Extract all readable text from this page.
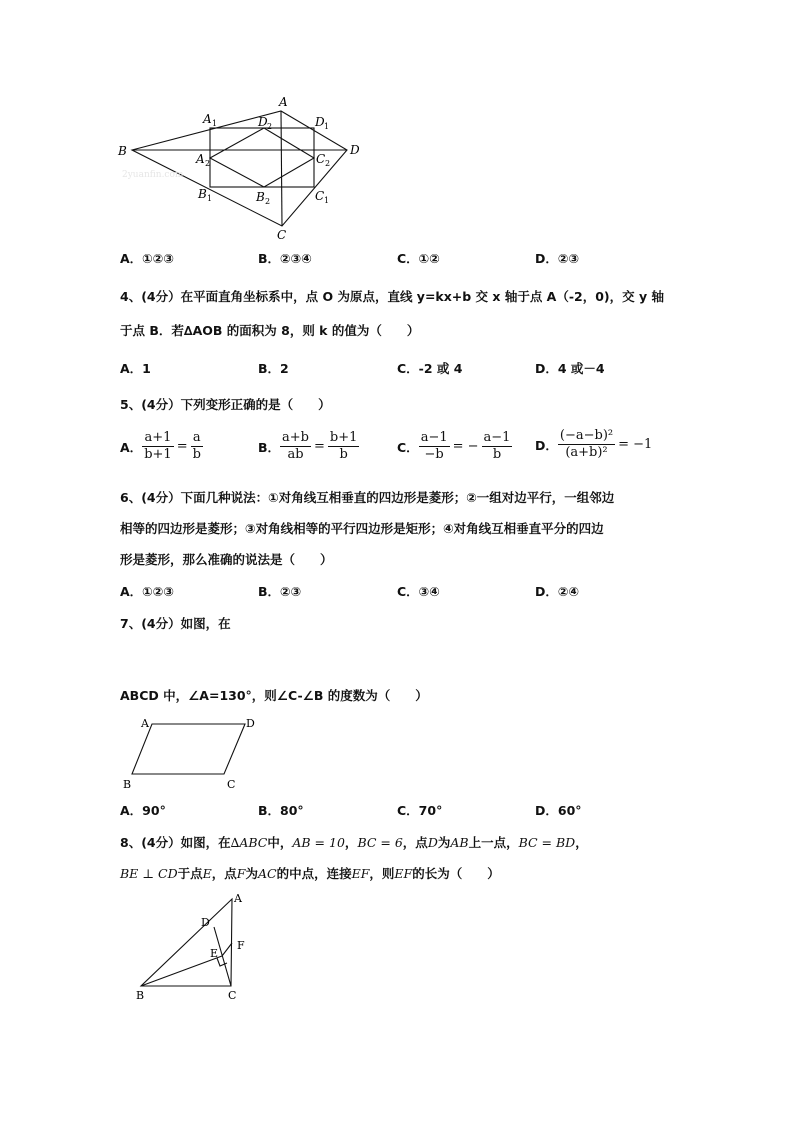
A
A 1	D 2	D 1
B	D
A 2	C 2
B 1	B 2	C 1
C
2yuanfin.com
A．①②③	B．②③④	C．①②	D．②③
4、(4分）在平面直角坐标系中，点 O 为原点，直线 y=kx+b 交 x 轴于点 A（-2，0)，交 y 轴
于点 B．若∆AOB 的面积为 8，则 k 的值为（　　）
A．1	B．2	C．-2 或 4	D．4 或－4
5、(4分）下列变形正确的是（　　）
A． $\frac{a+1}{b+1} = \frac{a}{b}$	B． $\frac{a+b}{ab} = \frac{b+1}{b}$	C． $\frac{a-1}{-b}$ = − $\frac{a-1}{b}$ D． $\frac{\text{(−a−b)²}}{\text{(a+b)²}} = -1$
6、(4分）下面几种说法：①对角线互相垂直的四边形是菱形；②一组对边平行，一组邻边
相等的四边形是菱形；③对角线相等的平行四边形是矩形；④对角线互相垂直平分的四边
形是菱形，那么准确的说法是（　　）
A．①②③	B．②③	C．③④	D．②④
7、(4分）如图，在
ABCD 中，∠A=130°，则∠C-∠B 的度数为（　　）
A	D
B	C
A．90°	B．80°	C．70°	D．60°
8、(4分）如图，在∆ABC中，AB = 10，BC = 6，点D为AB上一点，BC = BD，
BE ⊥ CD于点E，点F为AC的中点，连接EF，则EF的长为（　　）
A
D
E
F
B	C
